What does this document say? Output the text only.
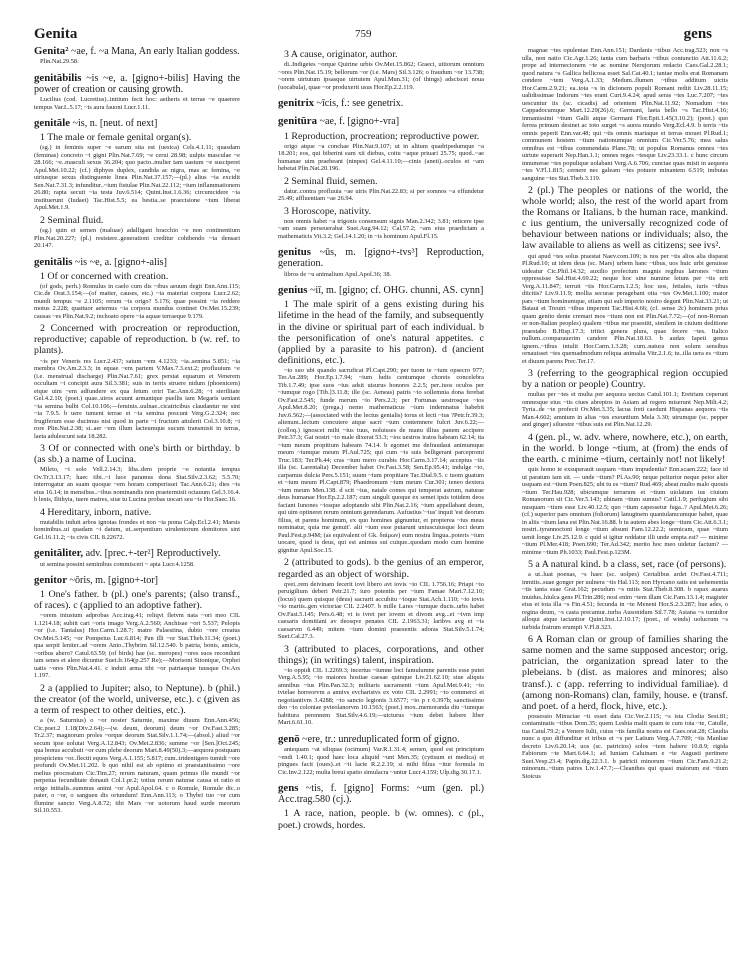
Genita	759	gens

Genita² ~ae, f. ~a Mana, An early Italian goddess.

Plin.Nat.29.58.

genitābilis ~is ~e, a. [gigno+-bilis] Having the power of creation or causing growth.

Lucilius (cod. Lucretius)..initium fecit hoc: aetheris et terrae ~e quaerere tempus Var.L.5.17; ~is aura fauoni Lucr.1.11.

genitāle ~is, n. [neut. of next]

1 The male or female genital organ(s).

(sg.) in feminis super ~e earum sita est (uesica) Cels.4.1.11; quasdam (feminas) concreto ~i gigni Plin.Nat.7.69; ~e cerui 28.98; uulpis masculae ~e 28.166; ~e..masculi sexus 36.204; quo pacto..mulier tam uastum ~e susciperet Apul.Met.10.22; (cf.) diphyes duplex, candida ac nigra, mas ac femina, ~e utriusque sexus distinguente linea Plin.Nat.37.157;—(pl.) alius ~ia excidit Sen.Nat.7.31.3; infunditur..~ium fistulae Plin.Nat.22.112; ~ium inflammationem 26.80; rapta secuit ~ia testa Juv.6.514; Quint.Inst.1.6.36; circumcidere ~ia instituerunt (Iudaei) Tac.Hist.5.5; ea bestia..se praecisione ~ium liberat Apul.Met.1.9.

2 Seminal fluid.

(sg.) quin et semen (maluae) adalligant bracchio ~e non continentium Plin.Nat.20.227; (pl.) resistere..generationi creditur cohibendo ~ia densari 20.147.

genitālis ~is ~e, a. [gigno+-alis]

1 Of or concerned with creation.

(of gods, perh.) Romulus in caelo cum dis ~ibus aeuum degit Enn.Ann.115; Cic.de Orat.3.154;—(of matter, causes, etc.) ~ia materiai corpora Lucr.2.62; mundi tempus ~e 2.1105; rerum ~is origo? 5.176; quae possint ~ia reddere motus 2.228; quattuor aeternus ~ia corpora mundus continet Ov.Met.15.239; causas ~es Plin.Nat.9.2; inchoato opere ~ia aquae terraeque 9.179.

2 Concerned with procreation or reproduction, reproductive; capable of reproduction. b (w. ref. to plants).

~is per Veneris res Lucr.2.437; satum ~em 4.1233; ~ia..semina 5.851; ~ia membra Ov.Am.2.3.3; in equae ~em partem V.Max.7.3.ext.2; profluuium ~e (i.e. menstrual discharge) Plin.Nat.7.61; grex perstat equarum et Venerem occultam ~i concipit aura Sil.3.381; suis in terris struere nidum (phoenicem) eique uim ~em adfundere ex qua fetum oriri Tac.Ann.6.28; ~i sterilitate Gel.4.2.10; (poet.) quae..uiros acuunt armantque puellis iam Megaris ueniant ~ia semina bulbi Col.10.106;—feminis..uulnae..cicatricibus claudantur ne sint ~ia 7.9.5. b uere tument terrae et ~ia semina poscunt Verg.G.2.324; nec frugiferum esse ducimus nisi quod in parte ~i fructum attulerit Col.3.10.8; ~i rore Plin.Nat.2.38; si..aer ~em illum lacteumque sucum transmisit in terras, laeta adulescunt sata 18.282.

3 Of or connected with one's birth or birthday. b (as sb.) a name of Lucina.

Mileto, ~i solo Vell.2.14.3; liba..dem proprie ~e notantia tempus Ov.Tr.3.13.17; haec tibi..~i luce paramus dona Stat.Silv.2.3.62; 5.5.70; interrogatur an suam quoque ~em horam comperisset Tac.Ann.6.21; dies ~is eius 16.14; in mensibus..~ibus nominandis non praetermisit octauum Gel.3.16.4. b lenis, Ilithyia, tuere matres, siue tu Lucina probas uocari seu ~is Hor.Saec.16.

4 Hereditary, inborn, native.

mutabilis induit arbos ignotas frondes et non ~ia poma Calp.Ecl.2.41; Marsis hominibus..ui quadam ~i datum, ut..serpentium uirulentorum domitores sint Gel.16.11.2; ~is civis CIL 8.22672.

genitāliter, adv. [prec.+-ter²] Reproductively.

ut semina possint seminibus commisceri ~ apta Lucr.4.1258.

genitor ~ōris, m. [gigno+-tor]

1 One's father. b (pl.) one's parents; (also transf., of races). c (applied to an adoptive father).

~orem iniustum adprobas Acc.trag.41; reliqvi fletvm nata ~ori meo CIL 1.1214.18; subiit cari ~oris imago Verg.A.2.560; Anchisae ~ori 5.537; Pelopis ~or (i.e. Tantalus) Hor.Carm.1.28.7; matre Palaestina, dubio ~ore creatus Ov.Met.5.145; ~or Pompeius Luc.6.814; Pan illi ~or Stat.Theb.11.34; (poet.) qua serpit leniter..ad ~orem Anio..Thybrim Sil.12.540. b patria, bonis, amicis, ~oribus abero? Catul.63.59; (of birds) hae (sc. meropes) ~ores suos recondunt iam senes et alere dicuntur Suet.fr.164(p.257 Re);—Morisoni Sitonique, Orphei uatis ~ores Plin.Nat.4.41. c induit arma tibi ~or patriaeque tuusque Ov.Ars 1.197.

2 a (applied to Jupiter; also, to Neptune). b (phil.) the creator (of the world, universe, etc.). c (given as a term of respect to other deities, etc.).

a (w. Saturnius) o ~or noster Saturnie, maxime diuum Enn.Ann.456; Cic.poet.2 1.18(Div.2.64);—(w. deum, deorum) deum ~or Ov.Fast.3.285; Tr.2.37; magnorum proles ~orque deorum Stat.Silv.1.1.74;—(absol.) aliud ~or secum ipse uolutat Verg.A.12.843; Ov.Met.2.836; summe ~or [Sen.]Oct.245; qua bonus accubuit ~or cum plebe deorum Mart.8.49(50).3;—aequora postquam prospiciens ~or..flectit equos Verg.A.1.155; 5.817; cum..tridentigero tumidi ~ore profundi Ov.Met.11.202. b quo nihil est ab optimo et praestantissimo ~ore melius procreatum Cic.Tim.27; rerum naturam, quam primus ille mundi ~or perpetua fecunditate donauit Col.1.pr.2; totius rerum naturae causa et ratio et origo initialis..summus animi ~or Apul.Apol.64. c o Romule, Romule dic..o pater, o ~or, o sanguen dis oriundum! Enn.Ann.113; o Thybri tuo ~or cum flumine sancto Verg.A.8.72; tibi Mars ~or uotorum haud surde meorum Sil.10.553.

3 A cause, originator, author.

di..Indigetes ~orque Quirine urbis Ov.Met.15.862; Graeci, uitiorum omnium ~ores Plin.Nat.15.19; bellorum ~or (i.e. Mars) Sil.3.126; o fraudum ~or 13.738; ~orem uirtutum ipsasque uirtutem Apul.Mun.31; (of things) adsciscet noua (uocabula), quae ~or produxerit usus Hor.Ep.2.2.119.

genitrix ~īcis, f.: see genetrix.

genitūra ~ae, f. [gigno+-vra]

1 Reproduction, procreation; reproductive power.

origo atque ~a conchae Plin.Nat.9.107; ut in alitum quadripedumque ~a 18.201; eos, qui biberint eam xii diebus, coitu ~aque priuari 25.75; quod..~ae humanae uim praebeant (ninpes) Gel.4.11.10;—cinis (aneti)..oculos et ~am hebetat Plin.Nat.20.196.

2 Seminal fluid, semen.

datur..contra profluuia ~ae uiris Plin.Nat.22.83; si per somnos ~a effundetur 25.49; affluentiam ~ae 26.94.

3 Horoscope, nativity.

non omnis habet ~a trigonis consensum signis Man.2.342; 3.81; reticere ipse ~am suam perseuerabat Suet.Aug.94.12; Cal.57.2; ~am eius praedictam a mathematicis Vit.3.2; Gel.14.1.20; in ~is hominum Apul.Fl.15.

genitus ~ūs, m. [gigno+-tvs³] Reproduction, generation.

libros de ~u animalium Apul.Apol.36; 38.

genius ~iī, m. [gigno; cf. OHG. chunni, AS. cynn]

1 The male spirit of a gens existing during his lifetime in the head of the family, and subsequently in the divine or spiritual part of each individual. b the personification of one's natural appetites. c (applied by a parasite to his patron). d (ancient definitions, etc.).

~io suo ubi quando sacruficat Pl.Capt.290; per tuom te ~ium opsecro 977; Ter.An.289; Hor.Ep.1.7.94; ~ium ludis centumque choreis concelebra Tib.1.7.49; ipse suos ~ius adsit uisurus honores 2.2.5; per..tuos oculos per ~iumque rogo [Tib.]3.11.8; ille (sc. Aeneas) patris ~io sollemnia dona ferebat Ov.Fast.2.545; funde merum ~io Pers.2.3; per Fortunas uestrosque ~ios Apul.Met.8.20; (prega.) nemo mathematicus ~ium indemnatus habebit Juv.6.562;—(associated with the lectus genialis) torus et lecti ~ius ?Petr.fr.39.3; alienum..lectum concutere atque sacri ~ium contemnere fulcri Juv.6.22;—(colloq.) ignoscet mihi ~ius tuus, noluisses de manu illius panem accipere Petr.37.3; Gai nostri ~io male dixerat 53.3; ~ios uestros iratos habeam 62.14; ita ~ium meum propitium habeam 74.14. b egomet me defraudaui animumque meum ~iumque meum Pl.Aul.725; qui cum ~is suis belligerant parcepromi Truc.183; Ter.Ph.44; cras ~ium mero curabis Hor.Carm.3.17.14; acceptus ~iis illa (sc. Larentalia) December habet Ov.Fast.3.58; Sen.Ep.95.41; indulge ~io, carpamus dulcia Pers.5.151; suum ~ium propitiare Tac.Dial.9.5. c tuom guatum et ~ium meum Pl.Capt.879; Phaedromum ~ium meum Cur.301; teneo dextera ~ium meum Men.138. d scit ~ius, natale comes qui temperat astrum, naturae deus humanae Hor.Ep.2.2.187; cum singuli quoque ex semet ipsis totidem deos faciant Iunones ~iosque adoptando sibi Plin.Nat.2.16; ~ium appellabant deum, qui uim optineret rerum omnium gerendarum. Aufustius '~ius' inquit 'est deorum filius, et parens hominum, ex quo homines gignuntur, et propterea ~ius meus nominatur, quia me genuit'. alii ~ium esse putarunt uniuscuiusque loci deum Paul.Fest.p.94M; (as equivalent of Gk. δαίμων) eum nostra lingua..poteris ~ium uocare, quod is deus, qui est animus sui cuique..quodam modo cum homine gignitur Apul.Soc.15.

2 (attributed to gods). b the genius of an emperor, regarded as an object of worship.

qvei..rem deivinam fecerit iovi libero avt iovis ~io CIL 1.756.16; Priapi ~io peruigilium deberi Petr.21.7; iuro potentis per ~ium Famae Mart.7.12.10; (locus) quem quisque (deus) sacrarit accubitu ~ioque Stat.Ach.1.110; ~io iovis ~io martis..gen victoriae CIL 2.2407. b mille Lares ~iumque ducis..urbs habet Ov.Fast.5.145; Pers.6.48; vt is ivret per iovem et divom avg...et ~ivm imp caesaris domitiani av deosqve penates CIL 2.1963.31; laribvs avg et ~is caesarvm 6.449; mitem ~ium domini praesentis adoras Stat.Silv.5.1.74; Suet.Cal.27.3.

3 (attributed to places, corporations, and other things); (in writings) talent, inspiration.

~io oppidi CIL 1.2269.3; incertus ~iumne loci famulumne parentis esse putet Verg.A.5.95; ~io maiores hostiae caesae quinque Liv.21.62.10; siue aliquis amnibus ~ius Plin.Pan.32.3; militaris sacramenti ~ium Apul.Met.9.41; ~io tvtelae horreorvm a annivs evcharistvs ex voto CIL 2.2991; ~io commerci et negotiantivm 3.4288; ~io sancto legionis 3.6577; ~io p r 6.397b; sanctissimo deo ~io coloniae pvteolanorvm 10.1563; (poet.) mox..memoranda diu ~iumque habitura perennem Stat.Silv.4.6.19;—uicturus ~ium debet habere liber Mart.6.61.10.

genō ~ere, tr.: unreduplicated form of gigno.

antequam ~at siliquas (ocimum) Var.R.1.31.4; semen, quod est principium ~endi 1.40.1; quod haec loca aliquid ~unt Men.35; (cytisum et medica) et pingues facit (oues)..et ~it lacte R.2.2.19; si mihi filius ~itur formula in Cic.Inv.2.122; multa breui spatio simulacra ~untur Lucr.4.159; Ulp.dig.30.17.1.

gens ~tis, f. [gigno] Forms: ~um (gen. pl.) Acc.trag.580 (cj.).

1 A race, nation, people. b (w. omnes). c (pl., poet.) crowds, hordes.

magnae ~tes opulentae Enn.Ann.151; Dardanis ~tibus Acc.trag.523; non ~s ulla, non natio Cic.Agr.1.26; tanta cum barbaris ~tibus coniunctio Att.11.6.2; prope ad internecionem ~te ac nomine Nerujorum redacto Caes.Gal.2.28.1; quod natura ~s Gallica bellicosa esset Sal.Cat.40.1; tantae molis erat Romanam condere ~tem Verg.A.1.33; Medum..flumen ~tibus additum uictis Hor.Carm.2.9.21; ea..tota ~s in dicionem populi Romani rediit Liv.28.11.15; ualidissimae Indorum ~tes erant Curt.9.4.24; apud seras ~tes Luc.7.207; ~tes uescuntur iis (sc. cicadis) ad orientem Plin.Nat.11.92; Nomadum ~tes Cappadocumque Mart.12.29(26).6; Germani, laeta bello ~s Tac.Hist.4.16; inmanissimi ~tium Galli atque Germani Flor.Epit.1.45(3.10.2); (poet.) quo ferrea primum desinet ac toto surget ~s aurea mundo Verg.Ecl.4.9. b terris ~tis omnis peperit Enn.var.48; qui ~tis omnis mariaque et terras mouet Pl.Rud.1; communem hostem ~tium nationumque omnium Cic.Ver.5.76; mea salus omnibus est ~tibus commendata Planc.78; ut populus Romanus omnes ~tes uirtute superarit Nep.Han.1.1; omnes reges ~tesque Liv.23.33.1. c hunc circum innumerae ~tes populique uolabant Verg.A.6.706; cunctae quas misit in aequora ~tes V.Fl.1.815; cernere nec galeam ~tes potuere minantem 6.519; imbutas sanguine ~tes Stat.Theb.3.119.

2 (pl.) The peoples or nations of the world, the whole world; also, the rest of the world apart from the Romans or Italians. b the human race, mankind. c ius gentium, the universally recognized code of behaviour between nations or individuals; also, the law available to aliens as well as citizens; see ivs².

qui apud ~tes solus praestat Naev.com.109; is nos per ~tis alios alia disparat Pl.Rud.10; ut idem deus (sc. Mars) urbem hanc ~tibus, uos huic urbi genuisse uideatur Cic.Phil.14.32; auxilio profectum magnis regibus latrones ~tium oppressisse Sal.Hist.4.69.22; neque hoc sine numine letum per ~tis erit Verg.A.11.847; terruit ~tis Hor.Carm.1.2.5; hoc uos, fetiales, iuris ~tibus diicitis? Liv.9.11.9; mollia securae peragebant otia ~tes Ov.Met.1.100; maior pars ~tium hominumque, etiam qui sub imperio nostro degunt Plin.Nat.33.21; ut Bataui et Treuiri ~tibus imperent Tac.Hist.4.66; (cf. sense 2c) hominem prius quam genito dente cremari mos ~tium non est Plin.Nat.7.72;—(of non-Roman or non-Italian peoples) qualem ~tibus me praestiti, similem in ciuium deditione praestabo B.Hisp.17.3; tritici genera plura, quae fecere ~tes. Italico nullum..comparauerim candore Plin.Nat.18.63. b audax Iapeti genus ignem..~tibus intulit Hor.Carm.1.3.28; cum..natura non solum sensibus ornauisset ~tes quemadmodum reliqua animalia Vitr.2.1.6; tu..illa uera es ~tium et diuum parens Prec.Ter.17.

3 (referring to the geographical region occupied by a nation or people) Country.

multas per ~tes et multa per aequora uectus Catul.101.1; Eretriam ceperunt omnesque eius ~tis ciues abreptos in Asiam ad regem miserunt Nep.Milt.4.2; Tyria..de ~te profecti Ov.Met.3.35; lacua freti caedunt Hispanas aequora ~tis Man.4.602; amnium in alias ~tes exeuntium Mela 3.30; utrumque (sc. pepper and ginger) siluestre ~tibus suis est Plin.Nat.12.29.

4 (gen. pl., w. adv. where, nowhere, etc.), on earth, in the world. b longe ~tium, at (from) the ends of the earth. c minime ~tium, certainly not! not likely!

quis homo te exsuperauit usquam ~tium impudentia? Enn.scaen.222; face id ut paratum iam sit. — unde ~tium? Pl.As.90; neque peiiurior neque peior alter usquam est ~tium Poen.825; ubi tu es ~tium? Rud.469; abeat multo malo quouis ~tium Ter.Hau.928; ubicumque terrarum et ~tium uiolatum ius ciuium Romanorum sit Cic.Ver.5.143; ubinam ~tium sumus? Catil.1.9; perfugium sibi nusquam ~tium esse Liv.40.12.5; quo ~tium capessetur fuga..? Apul.Met.6.26; (cf.) superior pars omnium (foliorum) lanuginem quantulamcumque habet, quae in aliis ~tium lana est Plin.Nat.16.88. b tu autem abes longe ~tium Cic.Att.6.3.1; nostri..tyrannoctoni longe ~tium absunt Fam.12.22.2; uomicam, quae ~tium uenit longe Liv.25.12.9. c quid si igitur reddatur illi unde empta est? — minime ~tium Pl.Mer.418; Poen.690; Ter.Ad.342; merito hoc meo uidetur factum? — minime ~tium Ph.1033; Paul.Fest.p.123M.

5 a A natural kind. b a class, set, race (of persons).

a ut..luat poenas, ~s haec (sc. uolpes) Cerialibus ardet Ov.Fast.4.711; inmitis..suae gonger per uulnera ~tis Hal.113; non Hyrcano satis est uehementia ~tis tanta suae Grat.162; pecudum ~s mitis Stat.Theb.8.308. b rapax auarus inuidus..hiulca gens Pl.Trin.286; nosi enim ~tem illam Cic.Fam.13.1.4; magister eius et tota illa ~s Fin.4.51; fecunda in ~te Meneni Hor.S.2.3.287; hue ades, o regina deum, ~s casta precamur..turba Ausonidum Sil.7.78; Asiana ~s tumidior alloqui atque iactantior Quint.Inst.12.10.17; (poet., of winds) uolucrum ~s turbida fratrum erumpit V.Fl.8.323.

6 A Roman clan or group of families sharing the same nomen and the same supposed ancestor; orig. patrician, the organization spread later to the plebeians. b (dist. as maiores and minores; also transf.). c (app. referring to individual familiae). d (among non-Romans) clan, family, house. e (transf. and poet. of a herd, flock, hive, etc.).

possessio Minuciae ~ti esset data Cic.Ver.2.115; ~s ista Clodia Sest.81; contaminatis ~tibus Dom.35; quem Lesbia malit quam te cum tota ~te, Catulle, tua Catul.79.2; a Venere Iulii, cuius ~tis familia nostra est Caes.orat.28; Claudia nunc a quo diffunditur et tribus et ~s per Latium Verg.A.7.709; ~tis Manliae decreto Liv.6.20.14; uos (sc. patricios) solos ~tem habere 10.8.9; rigida Fabiorum ~te Mart.6.64.1; ad Iuniam Caluinam e ~te Augusti pertinere Suet.Vesp.23.4; Papin.dig.22.3.1. b patricii minorum ~tium Cic.Fam.9.21.2; minorum..~tium patres Liv.1.47.7;—Cleanthes qui quasi maiorum est ~tium Stoicus
